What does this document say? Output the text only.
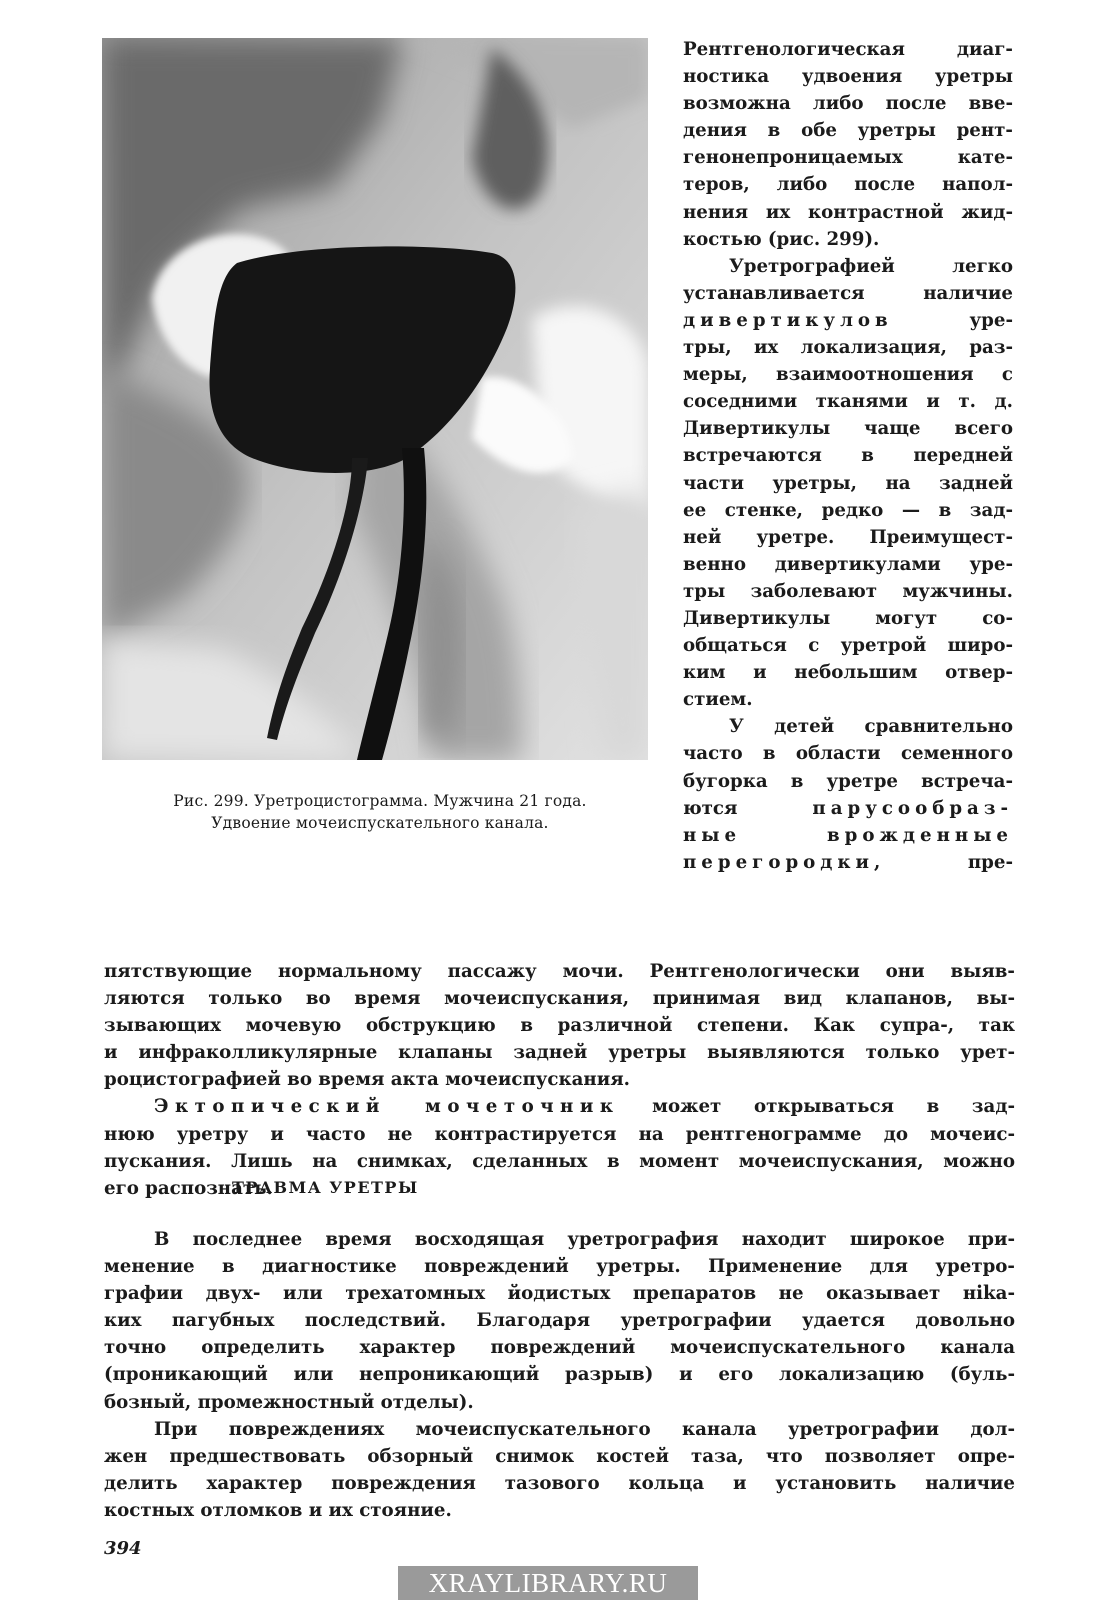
Рис. 299. Уретроцистограмма. Мужчина 21 года.
Удвоение мочеиспускательного канала.
Рентгенологическая диаг-
ностика удвоения уретры
возможна либо после вве-
дения в обе уретры рент-
генонепроницаемых кате-
теров, либо после напол-
нения их контрастной жид-
костью (рис. 299).
Уретрографией легко
устанавливается наличие
дивертикулов уре-
тры, их локализация, раз-
меры, взаимоотношения с
соседними тканями и т. д.
Дивертикулы чаще всего
встречаются в передней
части уретры, на задней
ее стенке, редко — в зад-
ней уретре. Преимущест-
венно дивертикулами уре-
тры заболевают мужчины.
Дивертикулы могут со-
общаться с уретрой широ-
ким и небольшим отвер-
стием.
У детей сравнительно
часто в области семенного
бугорка в уретре встреча-
ются	парусообраз-
ные врожденные
перегородки, пре-
пятствующие нормальному пассажу мочи. Рентгенологически они выяв-
ляются только во время мочеиспускания, принимая вид клапанов, вы-
зывающих мочевую обструкцию в различной степени. Как супра-, так
и инфраколликулярные клапаны задней уретры выявляются только урет-
роцистографией во время акта мочеиспускания.
Эктопический мочеточник может открываться в зад-
нюю уретру и часто не контрастируется на рентгенограмме до мочеис-
пускания. Лишь на снимках, сделанных в момент мочеиспускания, можно
его распознать.
ТРАВМА УРЕТРЫ
В последнее время восходящая уретрография находит широкое при-
менение в диагностике повреждений уретры. Применение для уретро-
графии двух- или трехатомных йодистых препаратов не оказывает нika-
ких пагубных последствий. Благодаря уретрографии удается довольно
точно определить характер повреждений мочеиспускательного канала
(проникающий или непроникающий разрыв) и его локализацию (буль-
бозный, промежностный отделы).
При повреждениях мочеиспускательного канала уретрографии дол-
жен предшествовать обзорный снимок костей таза, что позволяет опре-
делить характер повреждения тазового кольца и установить наличие
костных отломков и их стояние.
394
XRAYLIBRARY.RU
